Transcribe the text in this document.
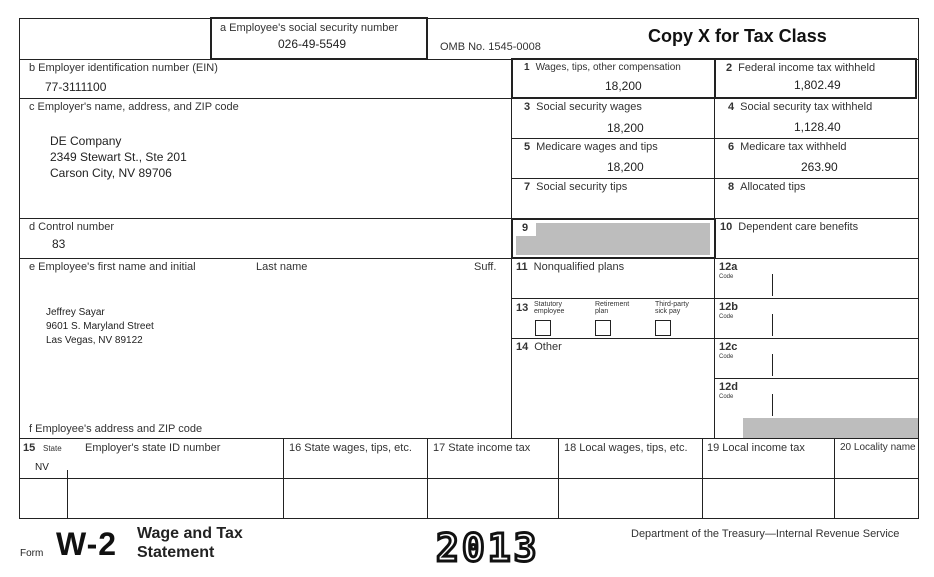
a Employee's social security number
026-49-5549	OMB No. 1545-0008
Copy X for Tax Class
b Employer identification number (EIN)
77-3111100
1 Wages, tips, other compensation
18,200
2 Federal income tax withheld
1,802.49
c Employer's name, address, and ZIP code
DE Company
2349 Stewart St., Ste 201
Carson City, NV 89706
3 Social security wages
18,200
4 Social security tax withheld
1,128.40
5 Medicare wages and tips
18,200
6 Medicare tax withheld
263.90
7 Social security tips	8 Allocated tips
d Control number
83
9	10 Dependent care benefits
e Employee's first name and initial	Last name	Suff.
Jeffrey Sayar
9601 S. Maryland Street
Las Vegas, NV 89122
f Employee's address and ZIP code
11 Nonqualified plans
13 Statutory employee
Retirement plan
Third-party sick pay
14 Other
12a
Code
12b
Code
12c
Code
12d
Code
15 State Employer's state ID number
NV
16 State wages, tips, etc. 17 State income tax	18 Local wages, tips, etc. 19 Local income tax	20 Locality name
Form W-2 Wage and Tax
Statement	2013	Department of the Treasury—Internal Revenue Service
